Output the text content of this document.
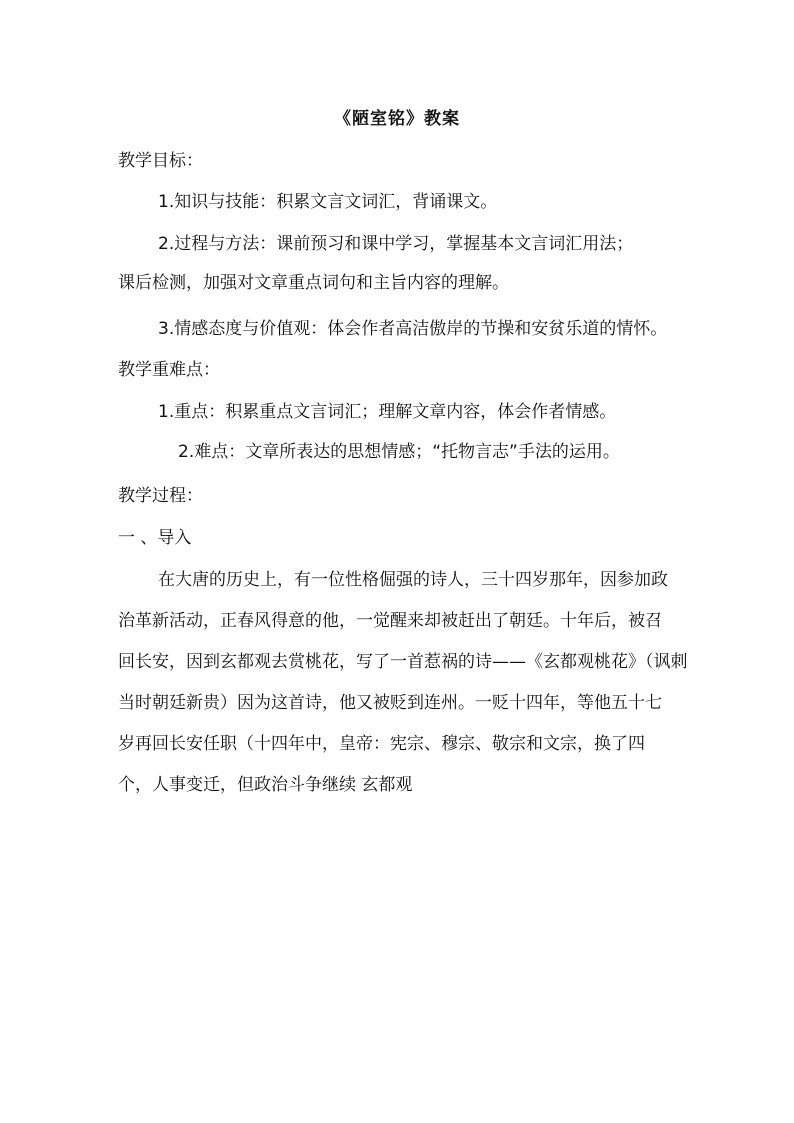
《陋室铭》教案
教学目标：
1.知识与技能：积累文言文词汇，背诵课文。
2.过程与方法：课前预习和课中学习，掌握基本文言词汇用法；
课后检测，加强对文章重点词句和主旨内容的理解。
3.情感态度与价值观：体会作者高洁傲岸的节操和安贫乐道的情怀。
教学重难点：
1.重点：积累重点文言词汇；理解文章内容，体会作者情感。
2.难点：文章所表达的思想情感；“托物言志”手法的运用。
教学过程：
一 、导入
在大唐的历史上，有一位性格倔强的诗人，三十四岁那年，因参加政
治革新活动，正春风得意的他，一觉醒来却被赶出了朝廷。十年后，被召
回长安，因到玄都观去赏桃花，写了一首惹祸的诗——《玄都观桃花》（讽刺
当时朝廷新贵）因为这首诗，他又被贬到连州。一贬十四年，等他五十七
岁再回长安任职（十四年中，皇帝：宪宗、穆宗、敬宗和文宗，换了四
个，人事变迁，但政治斗争继续 玄都观
